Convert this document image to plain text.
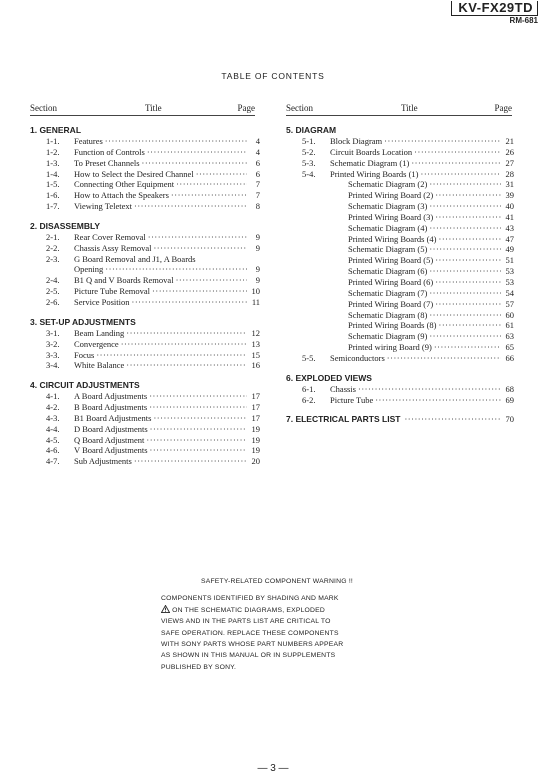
KV-FX29TD
RM-681
TABLE OF CONTENTS
Section	Title	Page	Section	Title	Page
1. GENERAL
1-1.	Features ·····	4
1-2.	Function of Controls ·····	4
1-3.	To Preset Channels ·····	6
1-4.	How to Select the Desired Channel ·····	6
1-5.	Connecting Other Equipment ·····	7
1-6.	How to Attach the Speakers ·····	7
1-7.	Viewing Teletext ·····	8
2. DISASSEMBLY
2-1.	Rear Cover Removal ·····	9
2-2.	Chassis Assy Removal ·····	9
2-3.	G Board Removal and J1, A Boards
Opening ·····	9
2-4.	B1 Q and V Boards Removal ·····	9
2-5.	Picture Tube Removal ·····	10
2-6.	Service Position ·····	11
3. SET-UP ADJUSTMENTS
3-1.	Beam Landing ·····	12
3-2.	Convergence ·····	13
3-3.	Focus ·····	15
3-4.	White Balance ·····	16
4. CIRCUIT ADJUSTMENTS
4-1.	A Board Adjustments ·····	17
4-2.	B Board Adjustments ·····	17
4-3.	B1 Board Adjustments ·····	17
4-4.	D Board Adjustments ·····	19
4-5.	Q Board Adjustment ·····	19
4-6.	V Board Adjustments ·····	19
4-7.	Sub Adjustments ·····	20
5. DIAGRAM
5-1.	Block Diagram ·····	21
5-2.	Circuit Boards Location ·····	26
5-3.	Schematic Diagram (1) ·····	27
5-4.	Printed Wiring Boards (1) ·····	28
Schematic Diagram (2) ·····	31
Printed Wiring Board (2) ·····	39
Schematic Diagram (3) ·····	40
Printed Wiring Board (3) ·····	41
Schematic Diagram (4) ·····	43
Printed Wiring Boards (4) ·····	47
Schematic Diagram (5) ·····	49
Printed Wiring Board (5) ·····	51
Schematic Diagram (6) ·····	53
Printed Wiring Board (6) ·····	53
Schematic Diagram (7) ·····	54
Printed Wiring Board (7) ·····	57
Schematic Diagram (8) ·····	60
Printed Wiring Boards (8) ·····	61
Schematic Diagram (9) ·····	63
Printed wiring Board (9) ·····	65
5-5.	Semiconductors ·····	66
6. EXPLODED VIEWS
6-1.	Chassis ·····	68
6-2.	Picture Tube ·····	69
7. ELECTRICAL PARTS LIST ·····	70
SAFETY-RELATED COMPONENT WARNING !!
COMPONENTS IDENTIFIED BY SHADING AND MARK
ON THE SCHEMATIC DIAGRAMS, EXPLODED
VIEWS AND IN THE PARTS LIST ARE CRITICAL TO
SAFE OPERATION. REPLACE THESE COMPONENTS
WITH SONY PARTS WHOSE PART NUMBERS APPEAR
AS SHOWN IN THIS MANUAL OR IN SUPPLEMENTS
PUBLISHED BY SONY.
— 3 —
